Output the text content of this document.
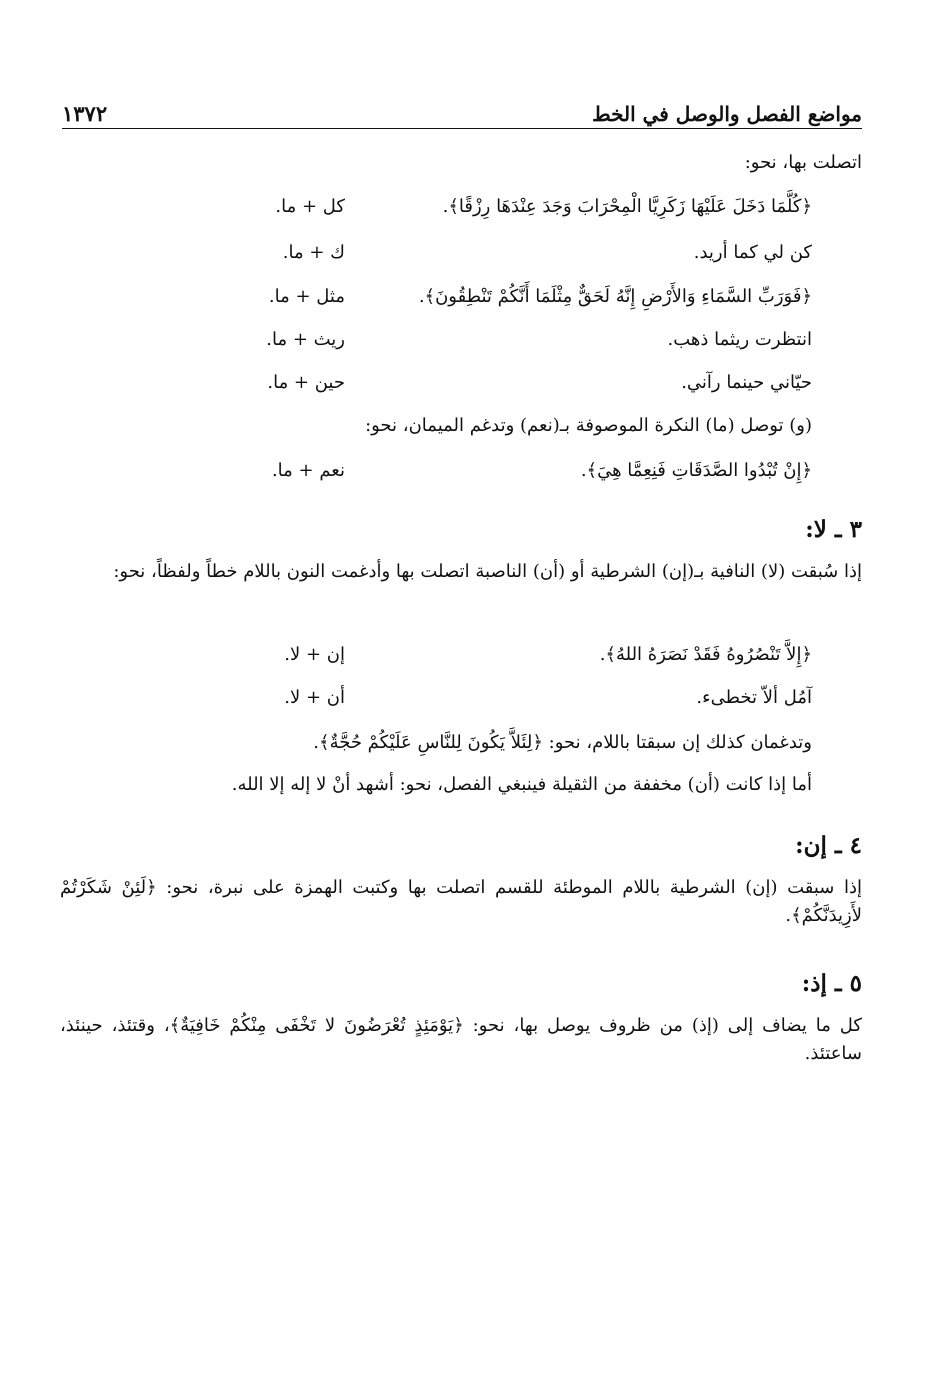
مواضع الفصل والوصل في الخط
١٣٧٢
اتصلت بها، نحو:
﴿كُلَّمَا دَخَلَ عَلَيْهَا زَكَرِيَّا الْمِحْرَابَ وَجَدَ عِنْدَهَا رِزْقًا﴾.
كل + ما.
كن لي كما أريد.
ك + ما.
﴿فَوَرَبِّ السَّمَاءِ وَالأَرْضِ إِنَّهُ لَحَقٌّ مِثْلَمَا أَنَّكُمْ تَنْطِقُونَ﴾.
مثل + ما.
انتظرت ريثما ذهب.
ريث + ما.
حيّاني حينما رآني.
حين + ما.
(و) توصل (ما) النكرة الموصوفة بـ(نعم) وتدغم الميمان، نحو:
﴿إِنْ تُبْدُوا الصَّدَقَاتِ فَنِعِمَّا هِيَ﴾.
نعم + ما.
٣ ـ لا:
إذا سُبقت (لا) النافية بـ(إن) الشرطية أو (أن) الناصبة اتصلت بها وأدغمت النون باللام خطاً ولفظاً، نحو:
﴿إِلاَّ تَنْصُرُوهُ فَقَدْ نَصَرَهُ اللهُ﴾.
إن + لا.
آمُل ألاّ تخطىء.
أن + لا.
وتدغمان كذلك إن سبقتا باللام، نحو: ﴿لِئَلاَّ يَكُونَ لِلنَّاسِ عَلَيْكُمْ حُجَّةٌ﴾.
أما إذا كانت (أن) مخففة من الثقيلة فينبغي الفصل، نحو: أشهد أنْ لا إله إلا الله.
٤ ـ إن:
إذا سبقت (إن) الشرطية باللام الموطئة للقسم اتصلت بها وكتبت الهمزة على نبرة، نحو: ﴿لَئِنْ شَكَرْتُمْ لأَزِيدَنَّكُمْ﴾.
٥ ـ إذ:
كل ما يضاف إلى (إذ) من ظروف يوصل بها، نحو: ﴿يَوْمَئِذٍ تُعْرَضُونَ لا تَخْفَى مِنْكُمْ خَافِيَةٌ﴾، وقتئذ، حينئذ، ساعتئذ.
